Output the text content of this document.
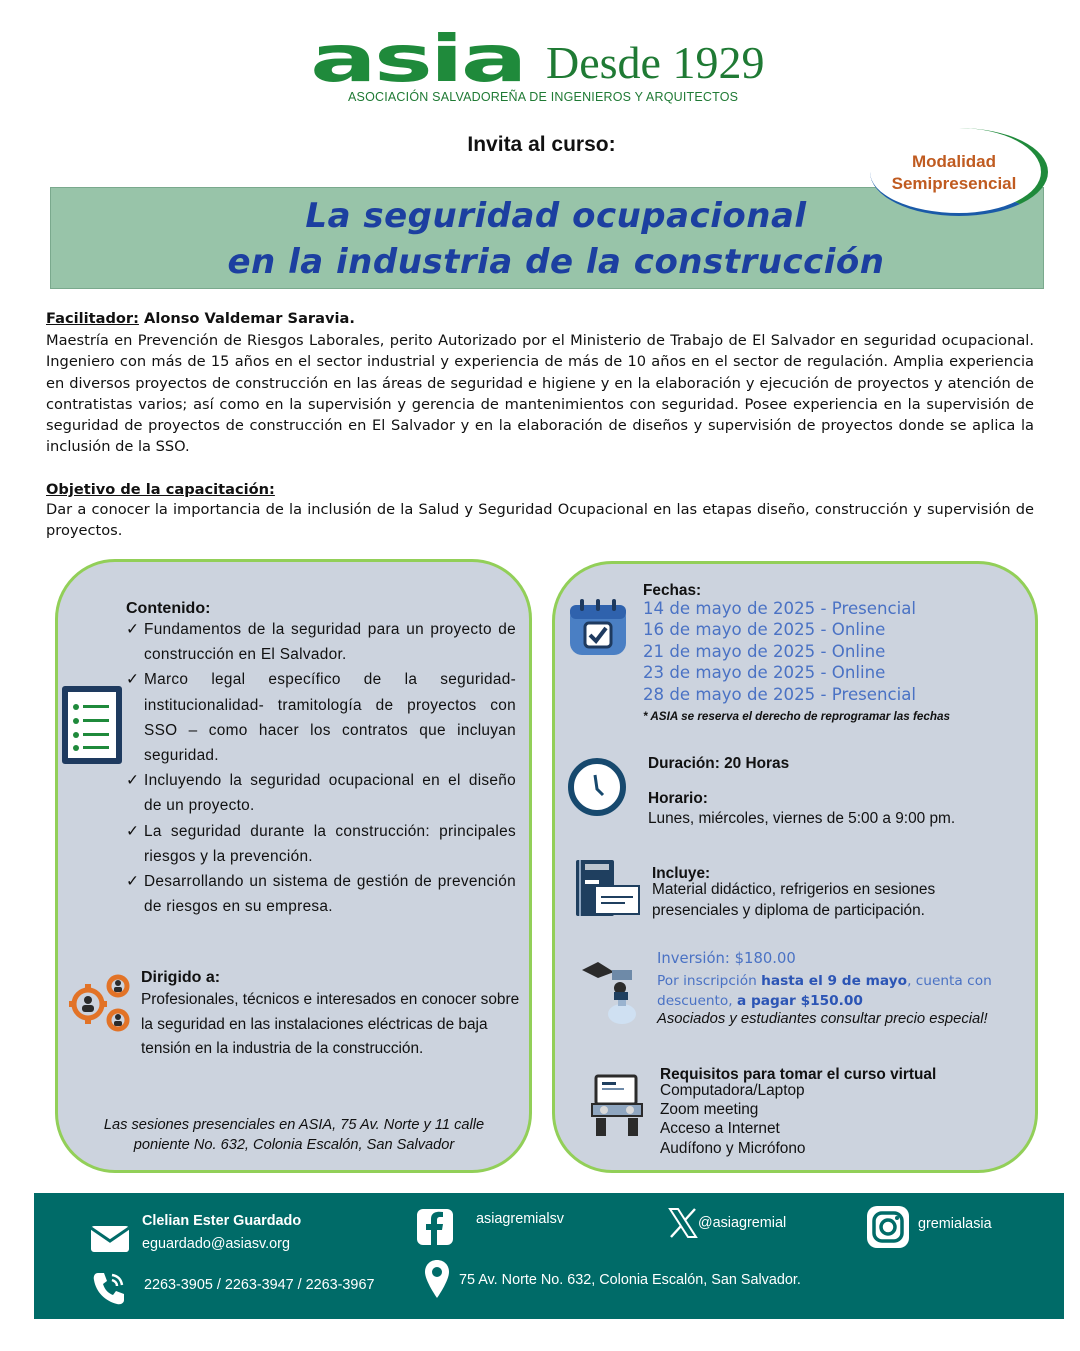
asia Desde 1929
ASOCIACIÓN SALVADOREÑA DE INGENIEROS Y ARQUITECTOS
Invita al curso:
La seguridad ocupacional
en la industria de la construcción
Modalidad
Semipresencial
Facilitador: Alonso Valdemar Saravia.
Maestría en Prevención de Riesgos Laborales, perito Autorizado por el Ministerio de Trabajo de El Salvador en seguridad ocupacional. Ingeniero con más de 15 años en el sector industrial y experiencia de más de 10 años en el sector de regulación. Amplia experiencia en diversos proyectos de construcción en las áreas de seguridad e higiene y en la elaboración y ejecución de proyectos y atención de contratistas varios; así como en la supervisión y gerencia de mantenimientos con seguridad. Posee experiencia en la supervisión de seguridad de proyectos de construcción en El Salvador y en la elaboración de diseños y supervisión de proyectos donde se aplica la inclusión de la SSO.
Objetivo de la capacitación:
Dar a conocer la importancia de la inclusión de la Salud y Seguridad Ocupacional en las etapas diseño, construcción y supervisión de proyectos.
Contenido:
✓ Fundamentos de la seguridad para un proyecto de construcción en El Salvador.
✓ Marco legal específico de la seguridad-institucionalidad- tramitología de proyectos con SSO – como hacer los contratos que incluyan seguridad.
✓ Incluyendo la seguridad ocupacional en el diseño de un proyecto.
✓ La seguridad durante la construcción: principales riesgos y la prevención.
✓ Desarrollando un sistema de gestión de prevención de riesgos en su empresa.
Dirigido a:
Profesionales, técnicos e interesados en conocer sobre la seguridad en las instalaciones eléctricas de baja tensión en la industria de la construcción.
Las sesiones presenciales en ASIA, 75 Av. Norte y 11 calle poniente No. 632, Colonia Escalón, San Salvador
Fechas:
14 de mayo de 2025 - Presencial
16 de mayo de 2025 - Online
21 de mayo de 2025 - Online
23 de mayo de 2025 - Online
28 de mayo de 2025 - Presencial
* ASIA se reserva el derecho de reprogramar las fechas
Duración: 20 Horas
Horario:
Lunes, miércoles, viernes de 5:00 a 9:00 pm.
Incluye:
Material didáctico, refrigerios en sesiones presenciales y diploma de participación.
Inversión: $180.00
Por inscripción hasta el 9 de mayo, cuenta con descuento, a pagar $150.00
Asociados y estudiantes consultar precio especial!
Requisitos para tomar el curso virtual
Computadora/Laptop
Zoom meeting
Acceso a Internet
Audífono y Micrófono
Clelian Ester Guardado
eguardado@asiasv.org
2263-3905 / 2263-3947 / 2263-3967
asiagremialsv	@asiagremial	gremialasia
75 Av. Norte No. 632, Colonia Escalón, San Salvador.
